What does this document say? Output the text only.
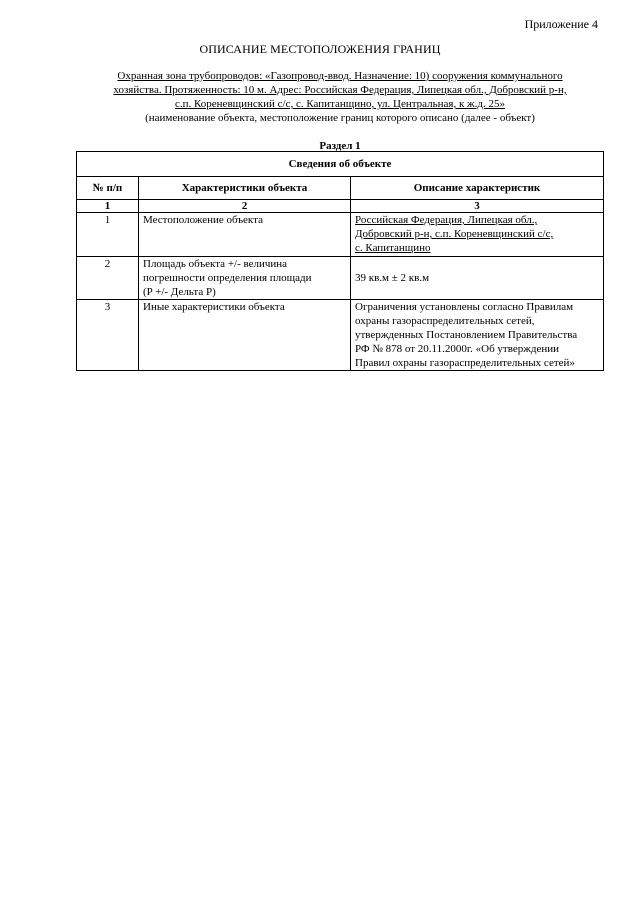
Приложение 4
ОПИСАНИЕ МЕСТОПОЛОЖЕНИЯ ГРАНИЦ
Охранная зона трубопроводов: «Газопровод-ввод. Назначение: 10) сооружения коммунального
хозяйства. Протяженность: 10 м. Адрес: Российская Федерация, Липецкая обл., Добровский р-н,
с.п. Кореневщинский с/с, с. Капитанщино, ул. Центральная, к ж.д. 25»
(наименование объекта, местоположение границ которого описано (далее - объект)
Раздел 1
Сведения об объекте		
№ п/п	Характеристики объекта	Описание характеристик
1	2	3
1	Местоположение объекта	Российская Федерация, Липецкая обл.,
Добровский р-н, с.п. Кореневщинский с/с,
с. Капитанщино

2	Площадь объекта +/- величина
погрешности определения площади
(P +/- Дельта P)	39 кв.м ± 2 кв.м

3	Иные характеристики объекта	Ограничения установлены согласно Правилам
охраны газораспределительных сетей,
утвержденных Постановлением Правительства
РФ № 878 от 20.11.2000г. «Об утверждении
Правил охраны газораспределительных сетей»
